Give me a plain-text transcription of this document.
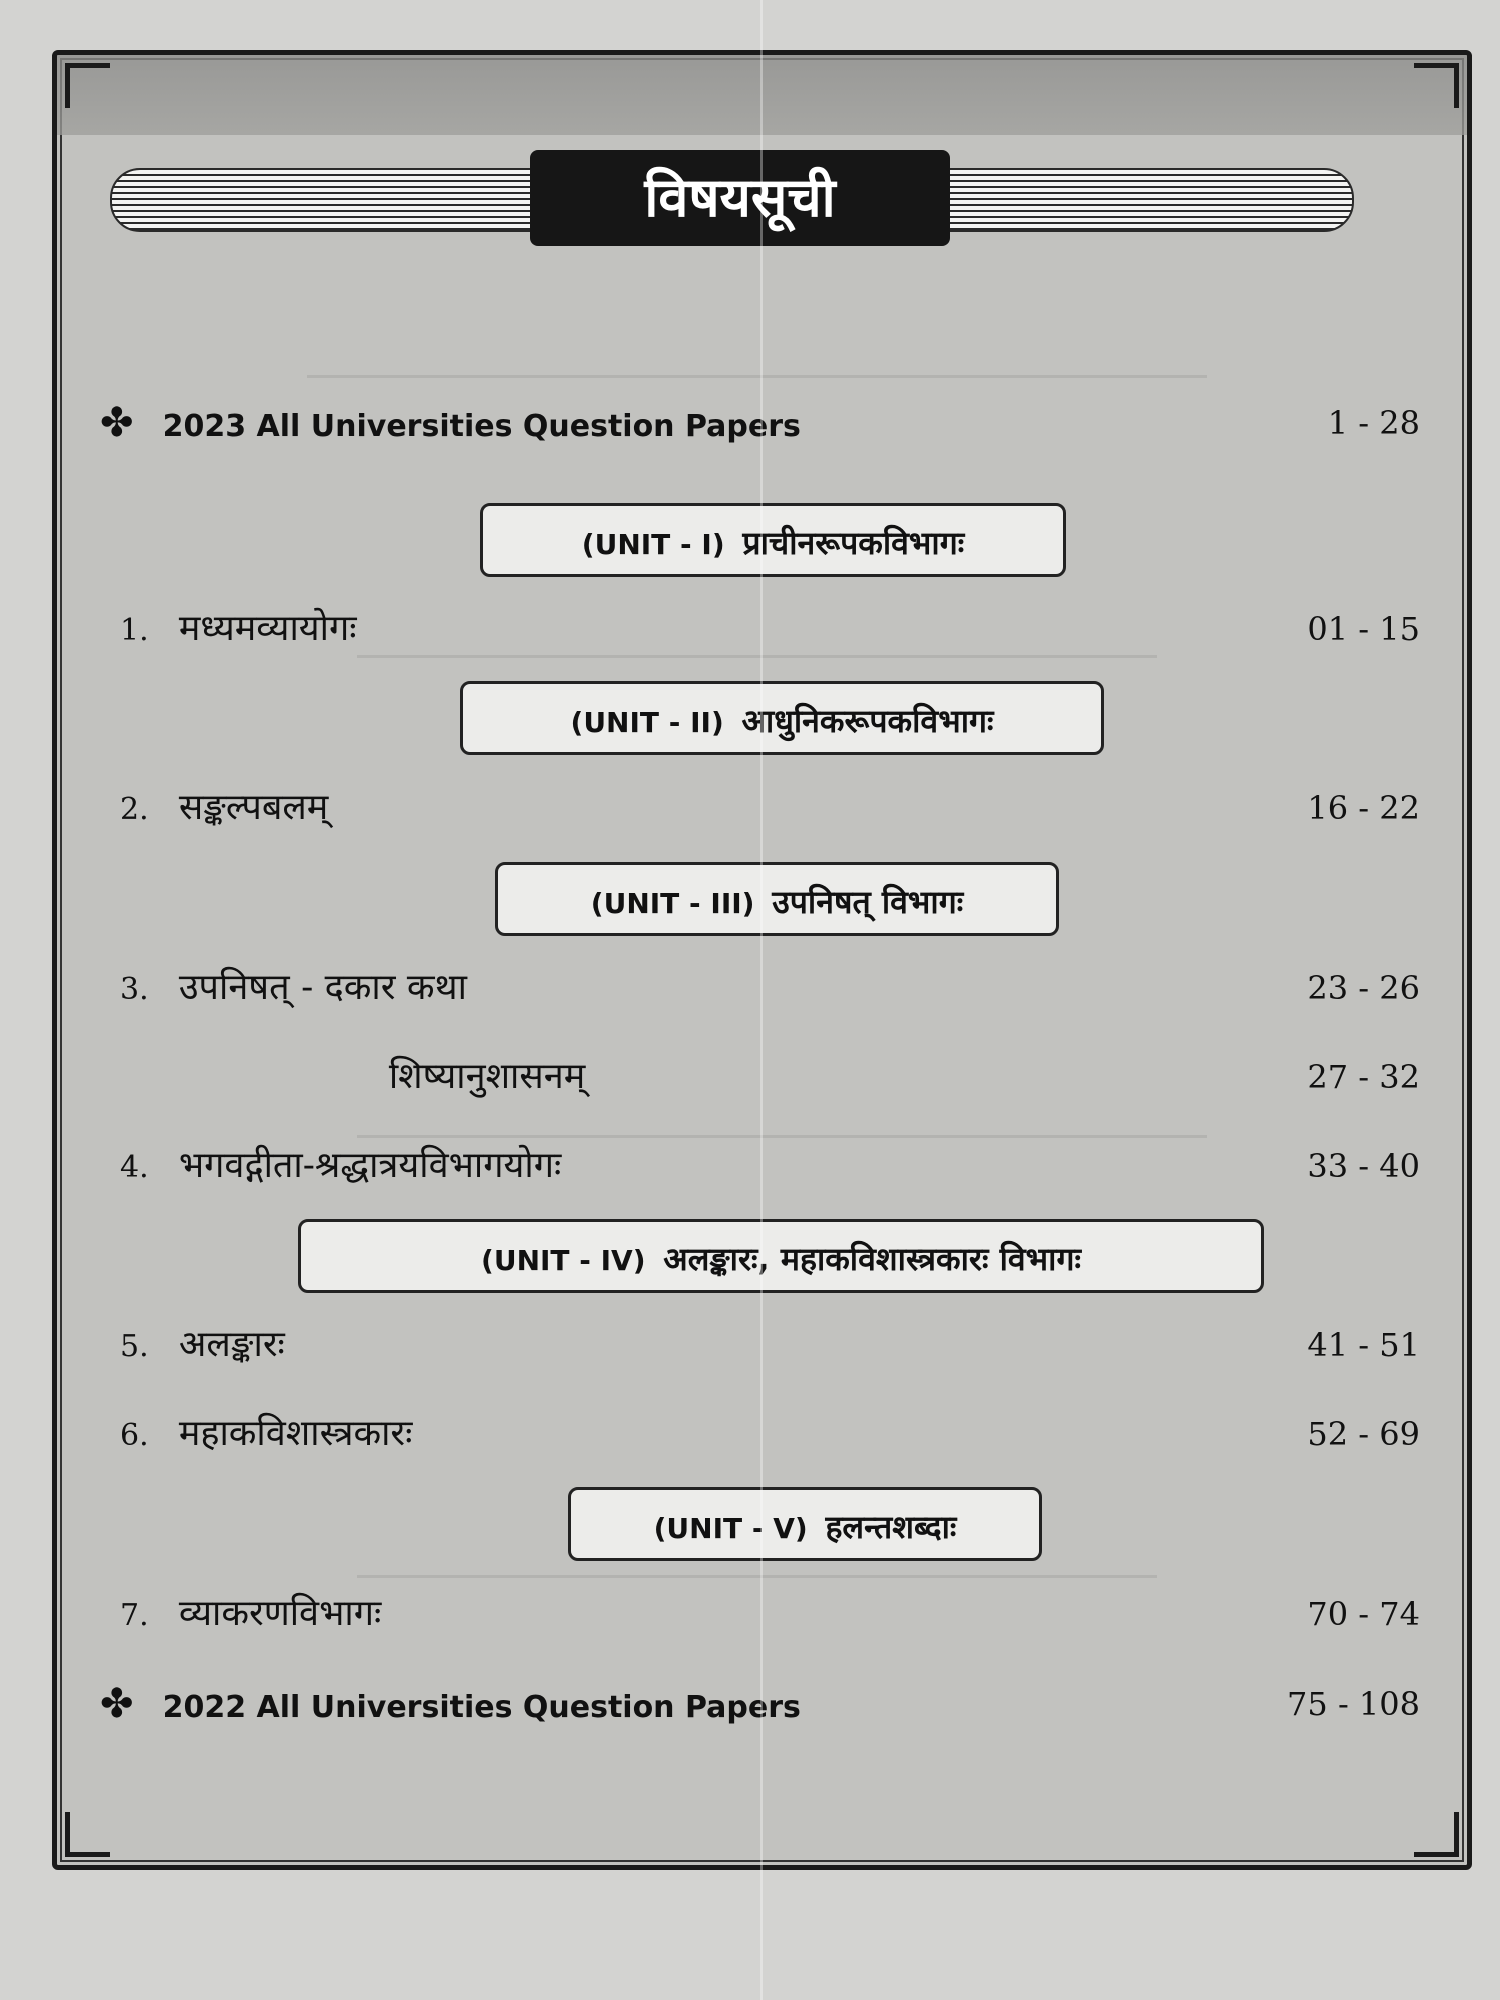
विषयसूची
✤ 2023 All Universities Question Papers	1 - 28
(UNIT - I) प्राचीनरूपकविभागः
1. मध्यमव्यायोगः	01 - 15
(UNIT - II) आधुनिकरूपकविभागः
2. सङ्कल्पबलम्	16 - 22
(UNIT - III) उपनिषत् विभागः
3. उपनिषत् - दकार कथा	23 - 26
शिष्यानुशासनम्	27 - 32
4. भगवद्गीता-श्रद्धात्रयविभागयोगः	33 - 40
(UNIT - IV) अलङ्कारः, महाकविशास्त्रकारः विभागः
5. अलङ्कारः	41 - 51
6. महाकविशास्त्रकारः	52 - 69
(UNIT - V) हलन्तशब्दाः
7. व्याकरणविभागः	70 - 74
✤ 2022 All Universities Question Papers	75 - 108
